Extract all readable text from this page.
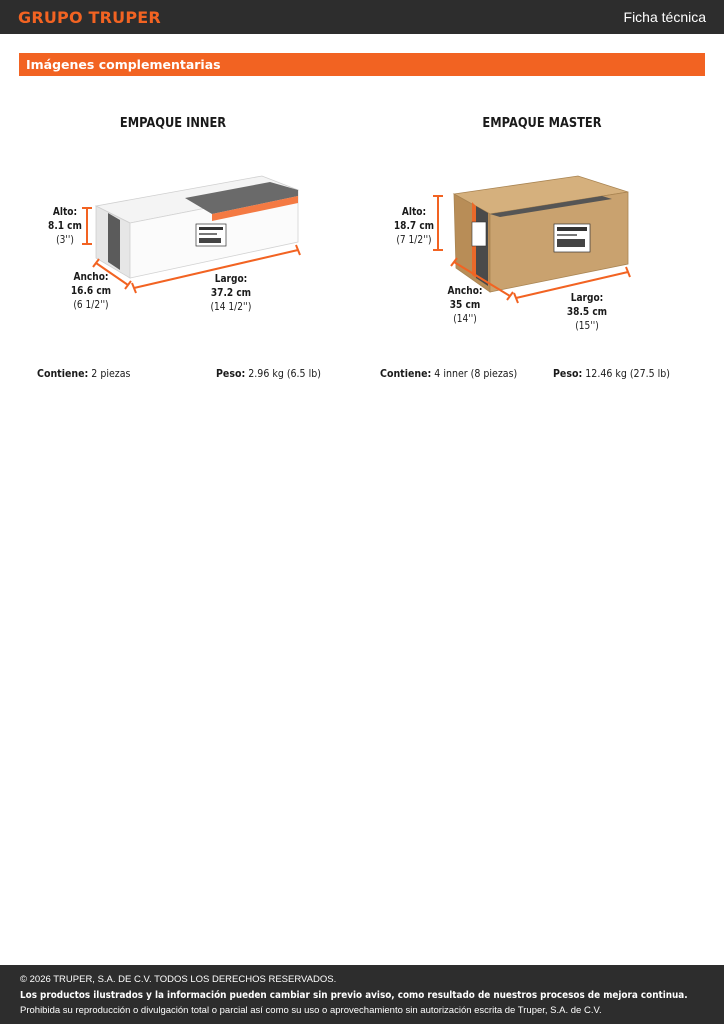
GRUPO TRUPER	Ficha técnica
Imágenes complementarias
EMPAQUE INNER
Alto:
8.1 cm
(3'')
Ancho:
16.6 cm
(6 1/2'')
Largo:
37.2 cm
(14 1/2'')
Contiene: 2 piezas	Peso: 2.96 kg (6.5 lb)
EMPAQUE MASTER
Alto:
18.7 cm
(7 1/2'')
Ancho:
35 cm
(14'')
Largo:
38.5 cm
(15'')
Contiene: 4 inner (8 piezas)	Peso: 12.46 kg (27.5 lb)
© 2026 TRUPER, S.A. DE C.V. TODOS LOS DERECHOS RESERVADOS.
Los productos ilustrados y la información pueden cambiar sin previo aviso, como resultado de nuestros procesos de mejora continua.
Prohibida su reproducción o divulgación total o parcial así como su uso o aprovechamiento sin autorización escrita de Truper, S.A. de C.V.
